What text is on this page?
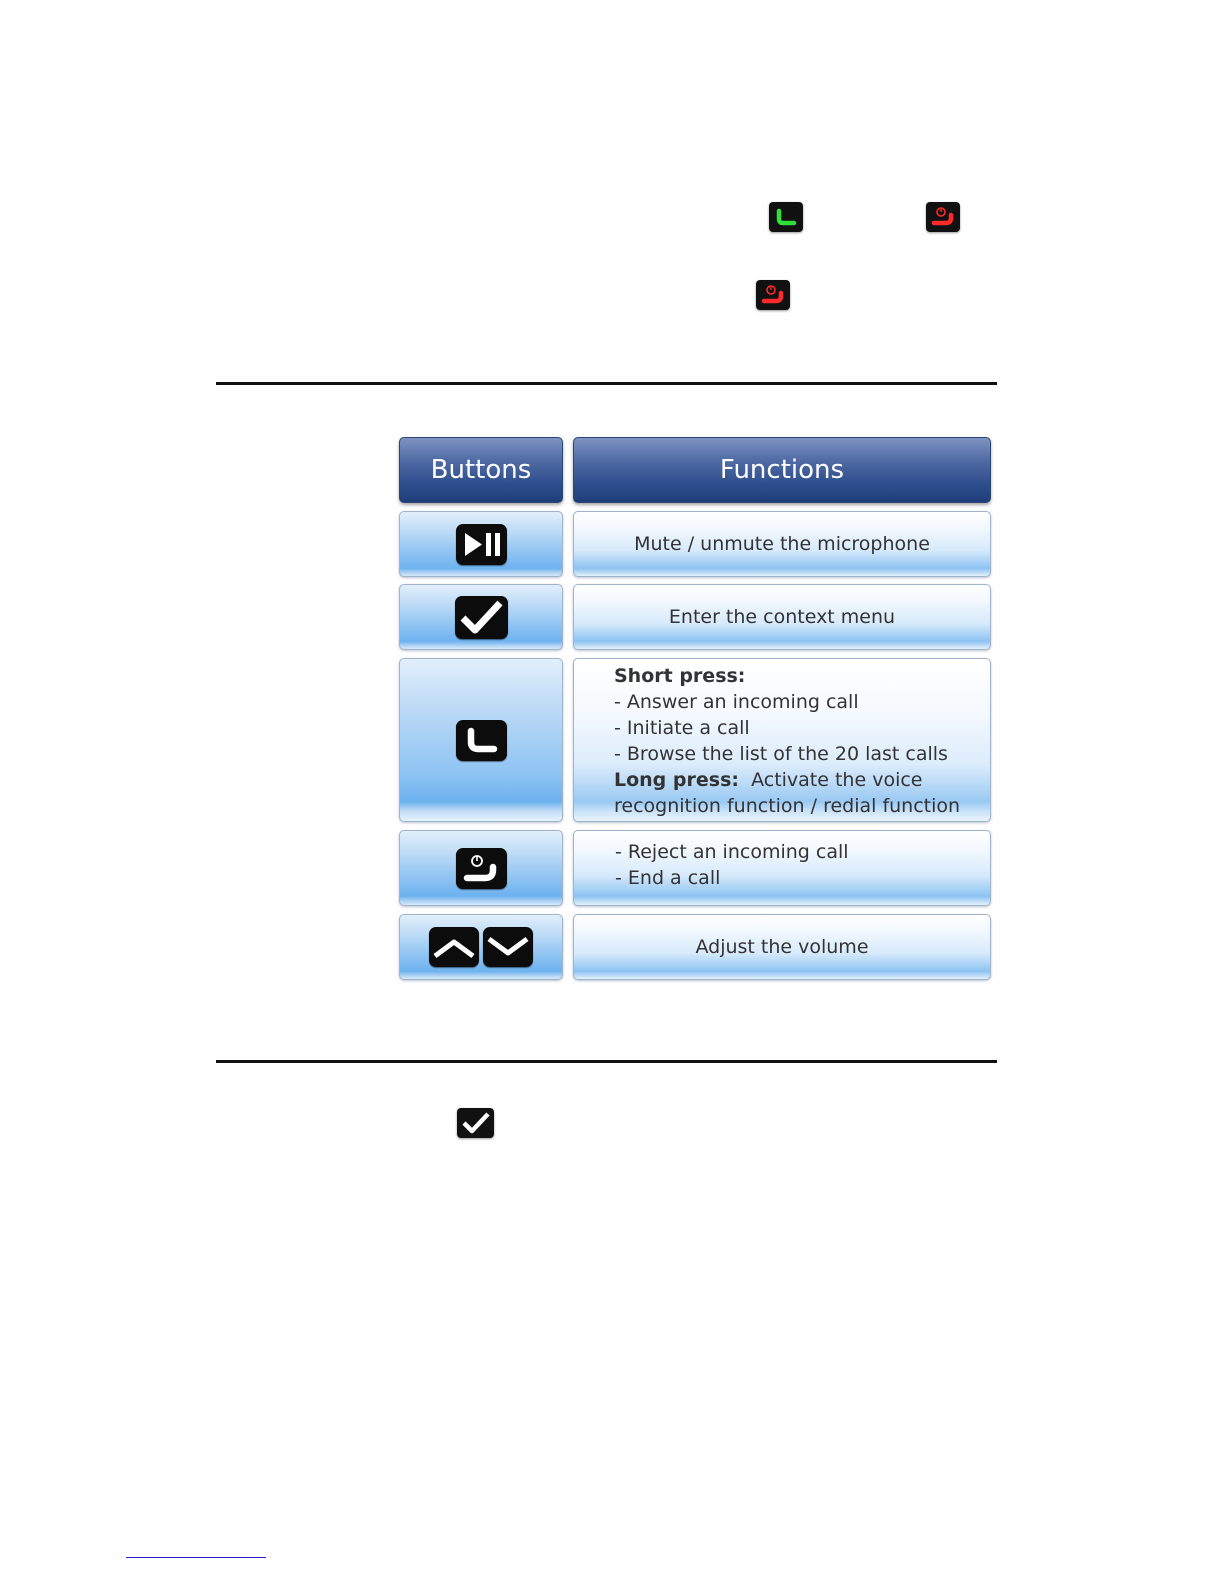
Buttons	Functions
Mute / unmute the microphone
Enter the context menu
Short press:
- Answer an incoming call
- Initiate a call
- Browse the list of the 20 last calls
Long press: Activate the voice
recognition function / redial function
- Reject an incoming call
- End a call
Adjust the volume
